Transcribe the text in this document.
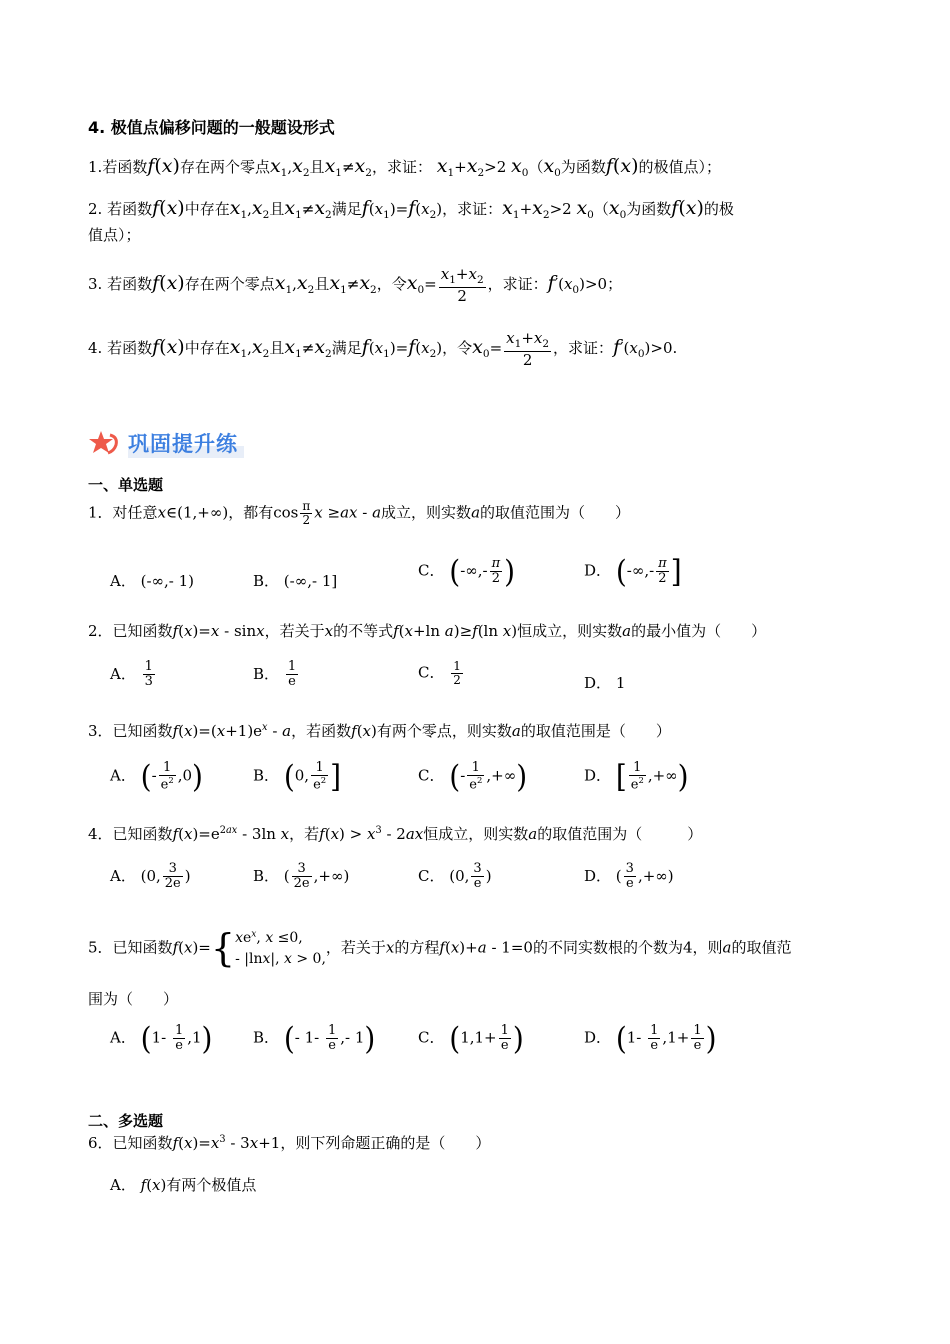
4. 极值点偏移问题的一般题设形式
1.若函数f(x)存在两个零点$x_1,x_2$且$x_1\ne x_2$，求证： $x_1+x_2>2$ $x_0(x_0$为函数f(x)的极值点）；
2. 若函数f(x)中存在$x_1,x_2$且$x_1\ne x_2$满足$f(x_1)=f(x_2)$，求证：$x_1+x_2>2$ $x_0(x_0$为函数f(x)的极
值点）；
3. 若函数f(x)存在两个零点$x_1,x_2$且$x_1\ne x_2$，令$x_0= \frac{x_1+x_2}{2}$ ，求证：$f'(x_0)>0$；
4. 若函数f(x)中存在$x_1,x_2$且$x_1\ne x_2$满足$f(x_1)=f(x_2)$，令$x_0= \frac{x_1+x_2}{2}$ ，求证：$f'(x_0)>0$.
巩固提升练
一、单选题
1．对任意x∈(1,+∞)，都有$\cos \frac{\pi}{2}$ x ≥ax - a成立，则实数a的取值范围为（　　）
A． (-∞,- 1)	B． (-∞,- 1]
C． (-∞,- $\frac{\pi}{2}$ )	D． (-∞,- $\frac{\pi}{2}$ ]
2．已知函数f(x)=x - sinx，若关于x的不等式f(x+ln a)≥f(ln x)恒成立，则实数a的最小值为（　　）
A． $\frac{1}{3}$	B． $\frac{1}{e}$	C． $\frac{1}{2}$	D． 1
3．已知函数$f(x)=(x+1)e^x - a$，若函数f(x)有两个零点，则实数a的取值范围是（　　）
A． (- $\frac{1}{e^2} ,0$)	B． (0, $\frac{1}{e^2}$ ]	C． (- $\frac{1}{e^2}$ ,+∞)	D． [ $\frac{1}{e^2}$ ,+∞)
4．已知函数$f(x)=e^{2ax} - 3\ln$ x，若$f(x) > x^3 - 2ax$恒成立，则实数a的取值范围为（　　　）
A． (0, $\frac{3}{2e}$ )	B． ( $\frac{3}{2e}$ ,+∞)	C． (0, $\frac{3}{e}$ )	D． ( $\frac{3}{e}$ ,+∞)
5．已知函数$f(x)=\{xe^x$, x ≤0,
- |lnx|, x > 0,，若关于x的方程f(x)+a - 1=0的不同实数根的个数为4，则a的取值范
围为（　　）
A． $(1- \frac{1}{e} ,1)$	B． (- $1- \frac{1}{e}$ ,- 1)	C． ($1,1+ \frac{1}{e}$ )	D． ($1- \frac{1}{e} ,1+ \frac{1}{e}$ )
二、多选题
6．已知函数$f(x)=x^3 - 3x+1$，则下列命题正确的是（　　）
A． f(x)有两个极值点
